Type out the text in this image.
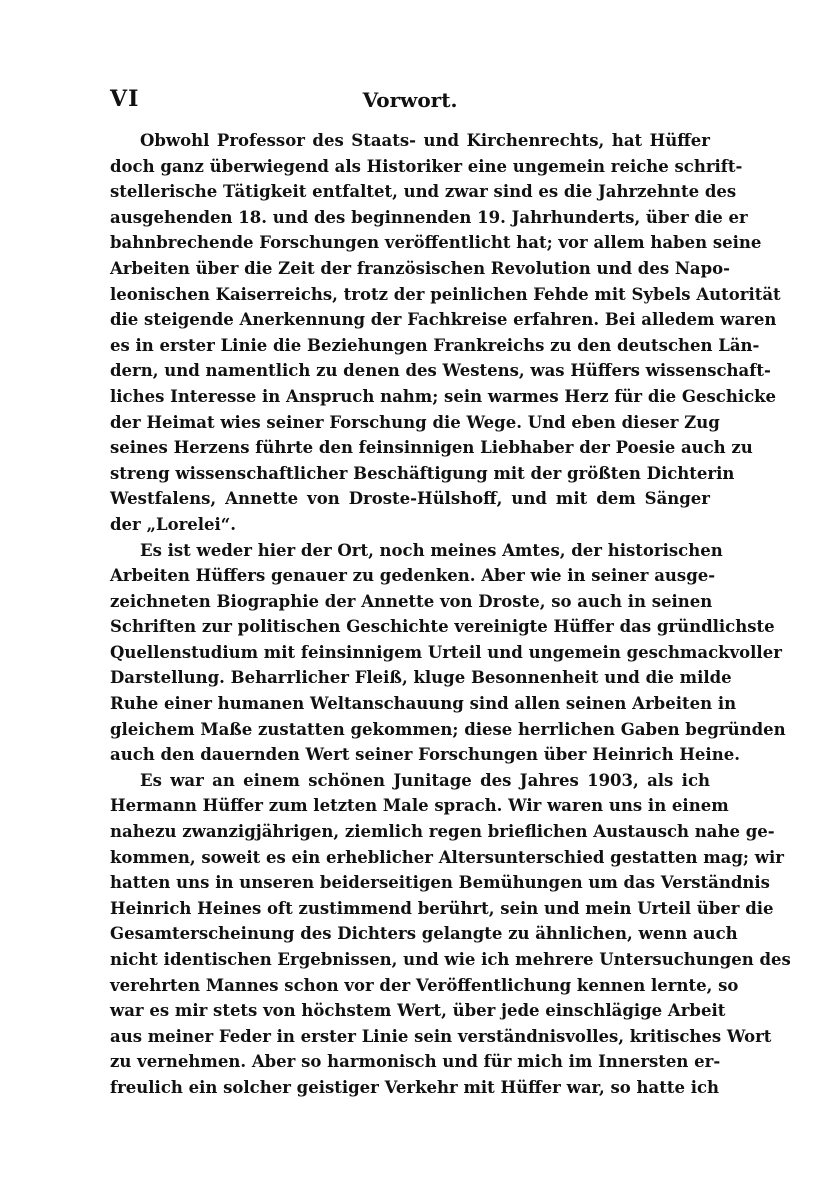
VI	Vorwort.
Obwohl Professor des Staats- und Kirchenrechts, hat Hüffer
doch ganz überwiegend als Historiker eine ungemein reiche schrift-
stellerische Tätigkeit entfaltet, und zwar sind es die Jahrzehnte des
ausgehenden 18. und des beginnenden 19. Jahrhunderts, über die er
bahnbrechende Forschungen veröffentlicht hat; vor allem haben seine
Arbeiten über die Zeit der französischen Revolution und des Napo-
leonischen Kaiserreichs, trotz der peinlichen Fehde mit Sybels Autorität
die steigende Anerkennung der Fachkreise erfahren. Bei alledem waren
es in erster Linie die Beziehungen Frankreichs zu den deutschen Län-
dern, und namentlich zu denen des Westens, was Hüffers wissenschaft-
liches Interesse in Anspruch nahm; sein warmes Herz für die Geschicke
der Heimat wies seiner Forschung die Wege. Und eben dieser Zug
seines Herzens führte den feinsinnigen Liebhaber der Poesie auch zu
streng wissenschaftlicher Beschäftigung mit der größten Dichterin
Westfalens, Annette von Droste-Hülshoff, und mit dem Sänger
der „Lorelei“.
Es ist weder hier der Ort, noch meines Amtes, der historischen
Arbeiten Hüffers genauer zu gedenken. Aber wie in seiner ausge-
zeichneten Biographie der Annette von Droste, so auch in seinen
Schriften zur politischen Geschichte vereinigte Hüffer das gründlichste
Quellenstudium mit feinsinnigem Urteil und ungemein geschmackvoller
Darstellung. Beharrlicher Fleiß, kluge Besonnenheit und die milde
Ruhe einer humanen Weltanschauung sind allen seinen Arbeiten in
gleichem Maße zustatten gekommen; diese herrlichen Gaben begründen
auch den dauernden Wert seiner Forschungen über Heinrich Heine.
Es war an einem schönen Junitage des Jahres 1903, als ich
Hermann Hüffer zum letzten Male sprach. Wir waren uns in einem
nahezu zwanzigjährigen, ziemlich regen brieflichen Austausch nahe ge-
kommen, soweit es ein erheblicher Altersunterschied gestatten mag; wir
hatten uns in unseren beiderseitigen Bemühungen um das Verständnis
Heinrich Heines oft zustimmend berührt, sein und mein Urteil über die
Gesamterscheinung des Dichters gelangte zu ähnlichen, wenn auch
nicht identischen Ergebnissen, und wie ich mehrere Untersuchungen des
verehrten Mannes schon vor der Veröffentlichung kennen lernte, so
war es mir stets von höchstem Wert, über jede einschlägige Arbeit
aus meiner Feder in erster Linie sein verständnisvolles, kritisches Wort
zu vernehmen. Aber so harmonisch und für mich im Innersten er-
freulich ein solcher geistiger Verkehr mit Hüffer war, so hatte ich
